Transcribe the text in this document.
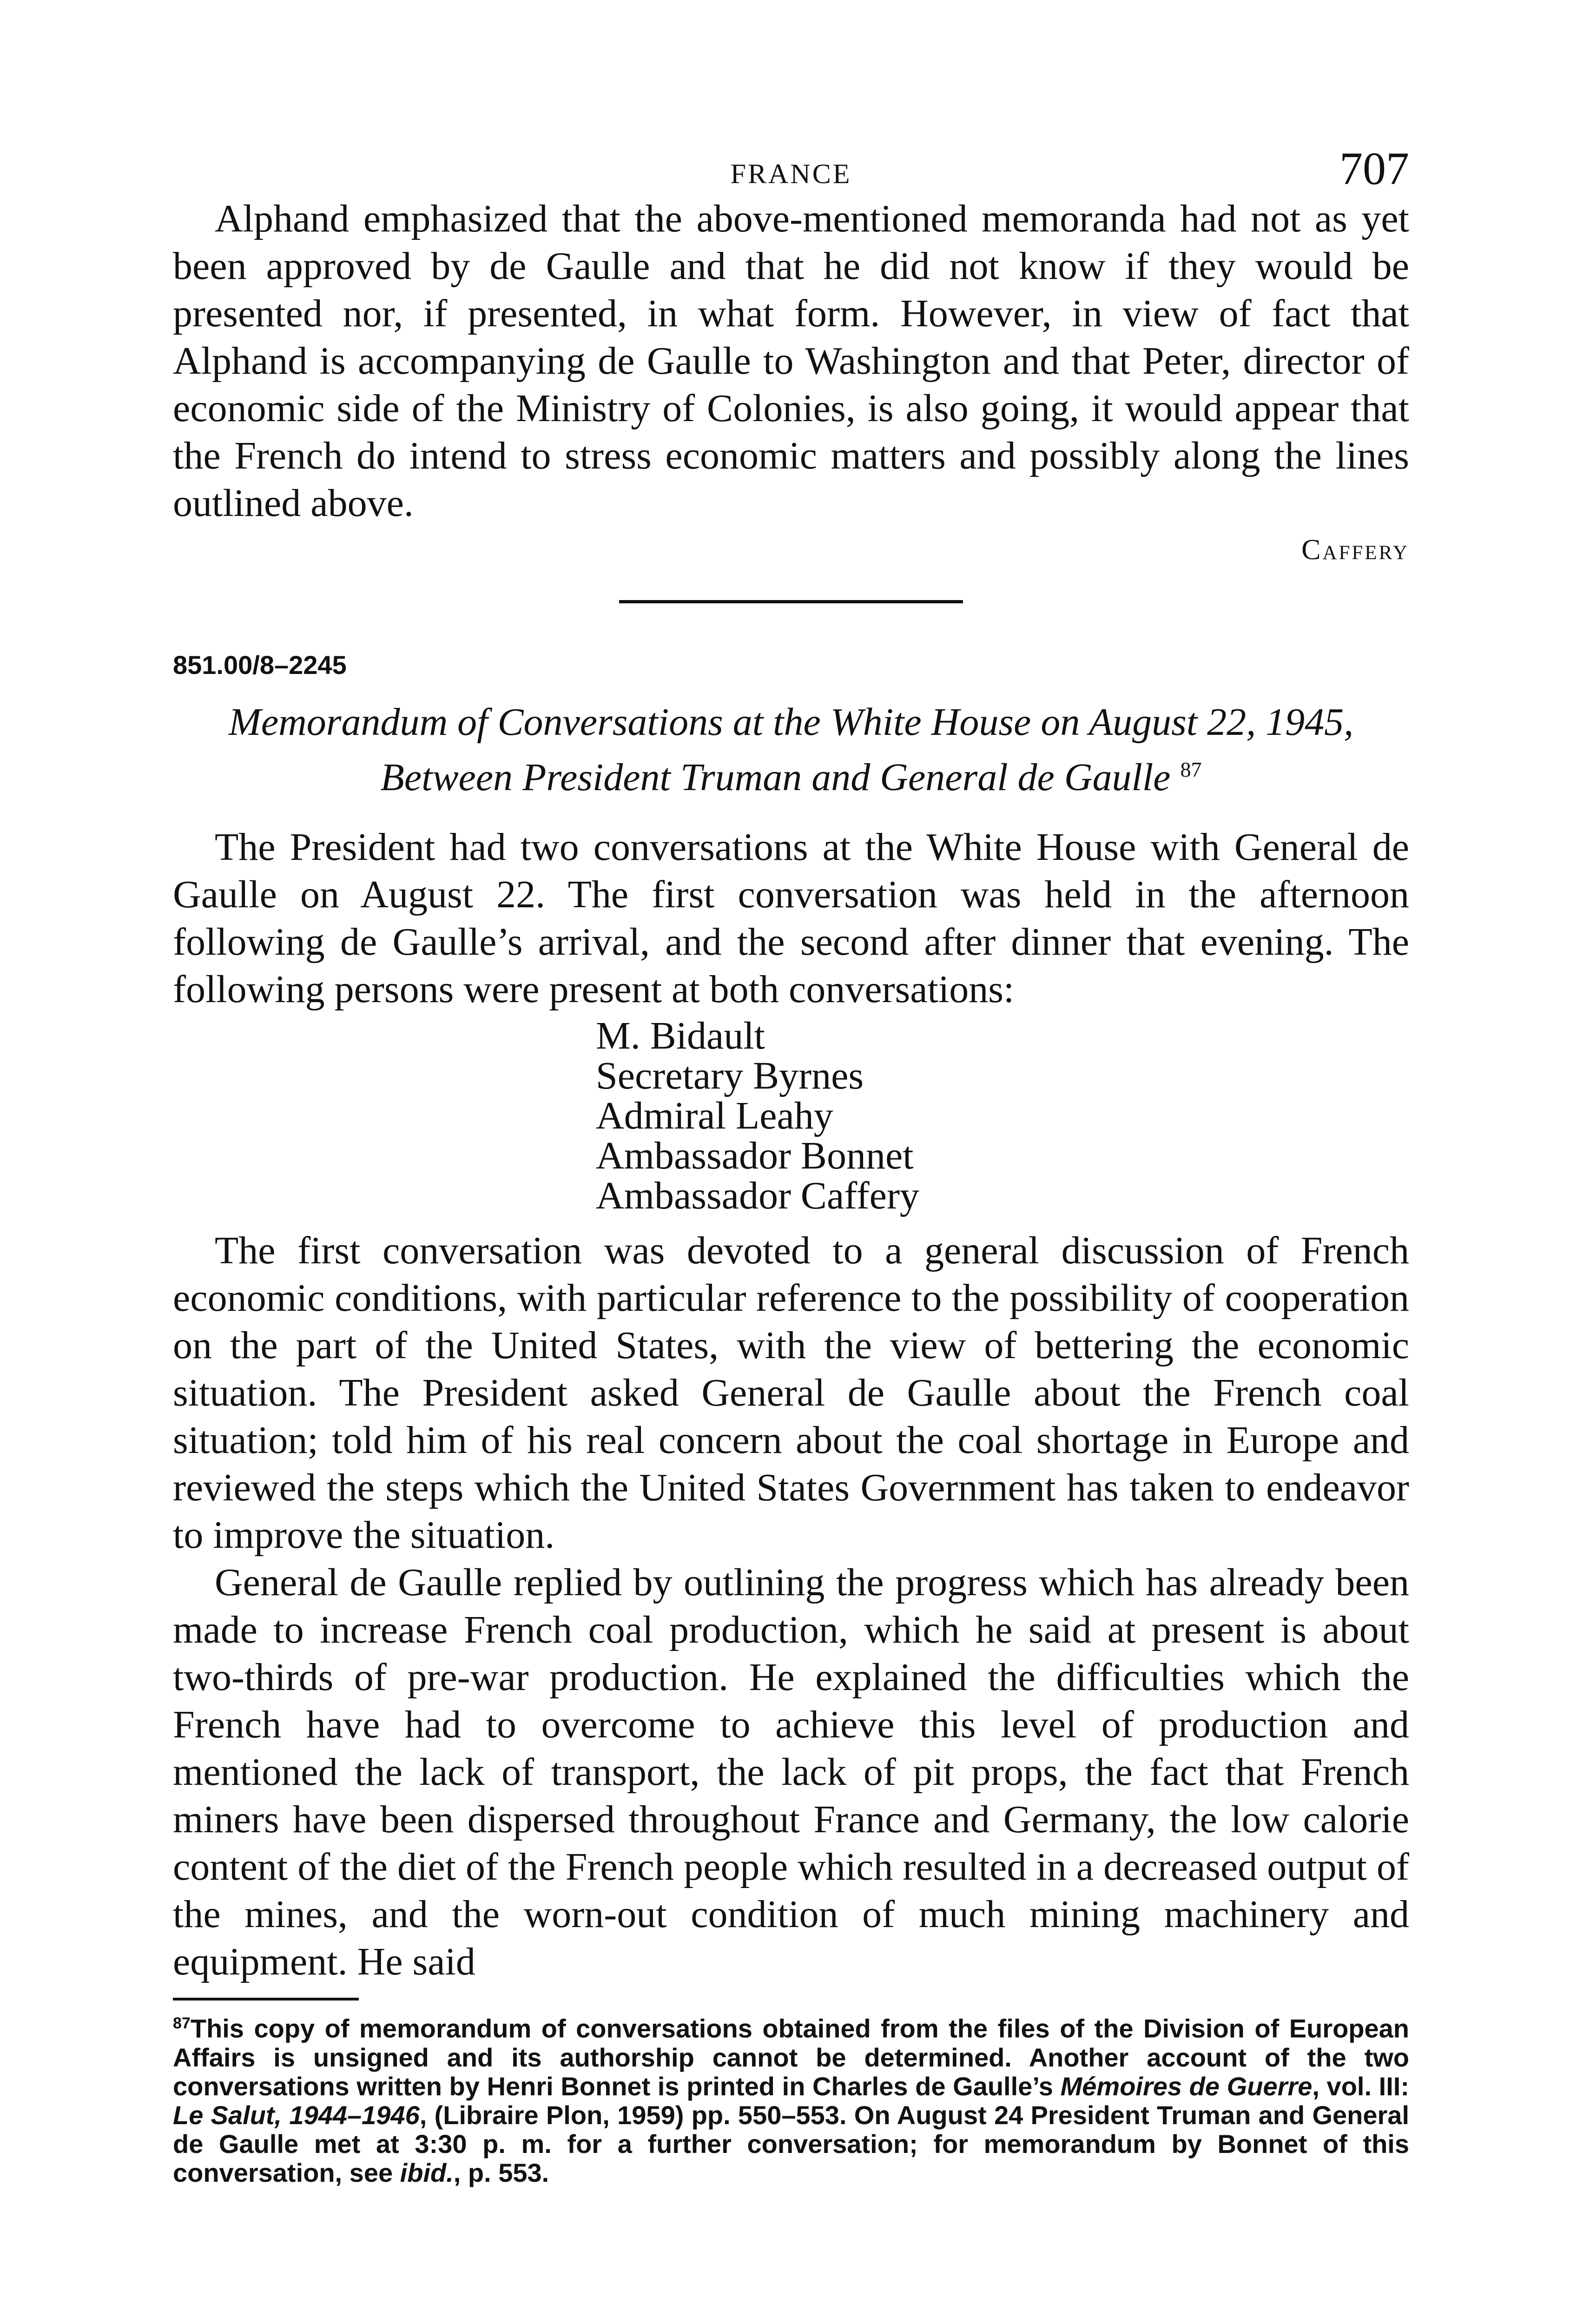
FRANCE	707

Alphand emphasized that the above-mentioned memoranda had not as yet been approved by de Gaulle and that he did not know if they would be presented nor, if presented, in what form. However, in view of fact that Alphand is accompanying de Gaulle to Washington and that Peter, director of economic side of the Ministry of Colonies, is also going, it would appear that the French do intend to stress economic matters and possibly along the lines outlined above.

Caffery
851.00/8–2245
Memorandum of Conversations at the White House on August 22, 1945, Between President Truman and General de Gaulle $^{87}$

The President had two conversations at the White House with General de Gaulle on August 22. The first conversation was held in the afternoon following de Gaulle’s arrival, and the second after dinner that evening. The following persons were present at both conversations:

M. Bidault
Secretary Byrnes
Admiral Leahy
Ambassador Bonnet
Ambassador Caffery

The first conversation was devoted to a general discussion of French economic conditions, with particular reference to the possibility of cooperation on the part of the United States, with the view of bettering the economic situation. The President asked General de Gaulle about the French coal situation; told him of his real concern about the coal shortage in Europe and reviewed the steps which the United States Government has taken to endeavor to improve the situation.

General de Gaulle replied by outlining the progress which has already been made to increase French coal production, which he said at present is about two-thirds of pre-war production. He explained the difficulties which the French have had to overcome to achieve this level of production and mentioned the lack of transport, the lack of pit props, the fact that French miners have been dispersed throughout France and Germany, the low calorie content of the diet of the French people which resulted in a decreased output of the mines, and the worn-out condition of much mining machinery and equipment. He said

$^{87}$This copy of memorandum of conversations obtained from the files of the Division of European Affairs is unsigned and its authorship cannot be determined. Another account of the two conversations written by Henri Bonnet is printed in Charles de Gaulle’s Mémoires de Guerre, vol. III: Le Salut, 1944–1946, (Libraire Plon, 1959) pp. 550–553. On August 24 President Truman and General de Gaulle met at 3:30 p. m. for a further conversation; for memorandum by Bonnet of this conversation, see ibid., p. 553.
